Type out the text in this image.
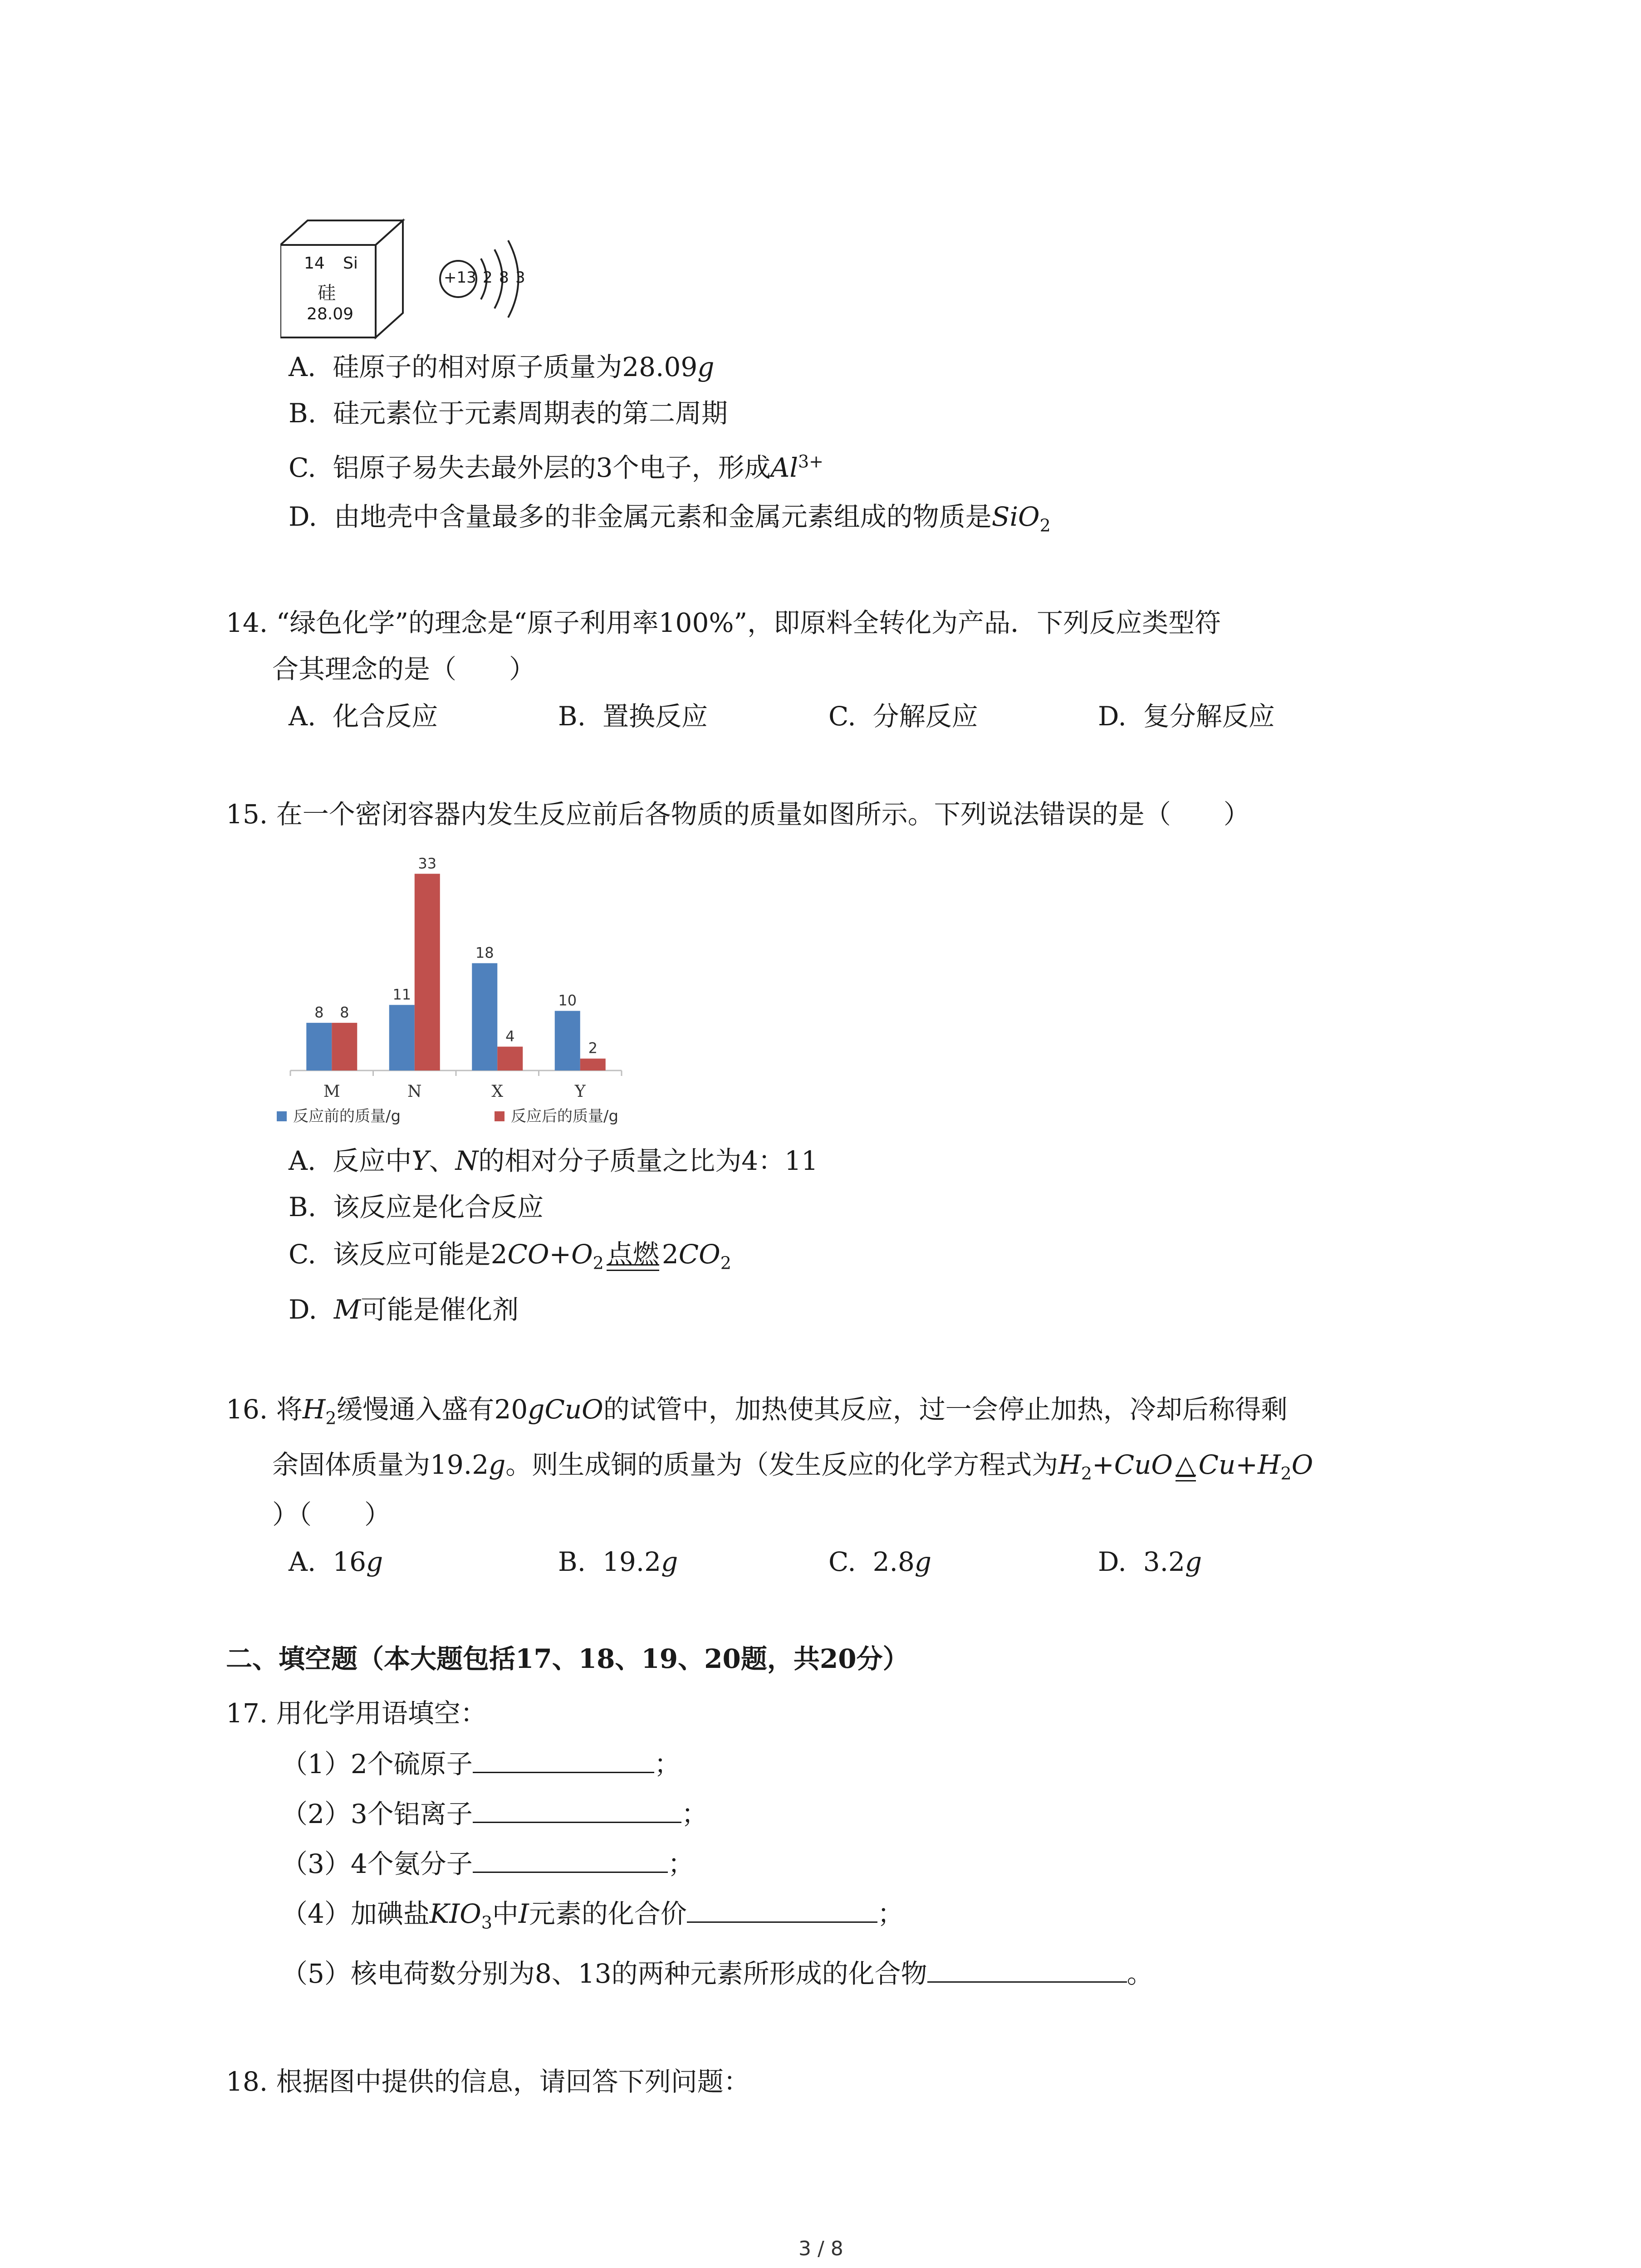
14 Si
硅
28.09
+13 2 8 3
A. 硅原子的相对原子质量为28.09g
B. 硅元素位于元素周期表的第二周期
C. 铝原子易失去最外层的3个电子，形成$Al^{3+}$
D. 由地壳中含量最多的非金属元素和金属元素组成的物质是SiO$_2$
14. “绿色化学”的理念是“原子利用率100%”，即原料全转化为产品．下列反应类型符
合其理念的是（　　）
A. 化合反应	B. 置换反应	C. 分解反应	D. 复分解反应
15. 在一个密闭容器内发生反应前后各物质的质量如图所示。下列说法错误的是（　　）
8 8
M
11
33
N
18
4
X
10
2
Y
反应前的质量/g	反应后的质量/g
A. 反应中Y、N的相对分子质量之比为4：11
B. 该反应是化合反应
C. 该反应可能是$2CO+O_2$ 点燃 $2CO_2$
D. M可能是催化剂
16. 将$H_2$缓慢通入盛有20gCuO的试管中，加热使其反应，过一会停止加热，冷却后称得剩
余固体质量为19.2g。则生成铜的质量为（发生反应的化学方程式为$H_2+CuO$ △ $Cu+H_2O$
）（　　）
A. 16g	B. 19.2g	C. 2.8g	D. 3.2g
二、填空题（本大题包括17、18、19、20题，共20分）
17. 用化学用语填空：
（1）2个硫原子	；
（2）3个铝离子	；
（3）4个氨分子	；
（4）加碘盐$KIO_3$中I元素的化合价	；
（5）核电荷数分别为8、13的两种元素所形成的化合物	。
18. 根据图中提供的信息，请回答下列问题：
3 / 8
